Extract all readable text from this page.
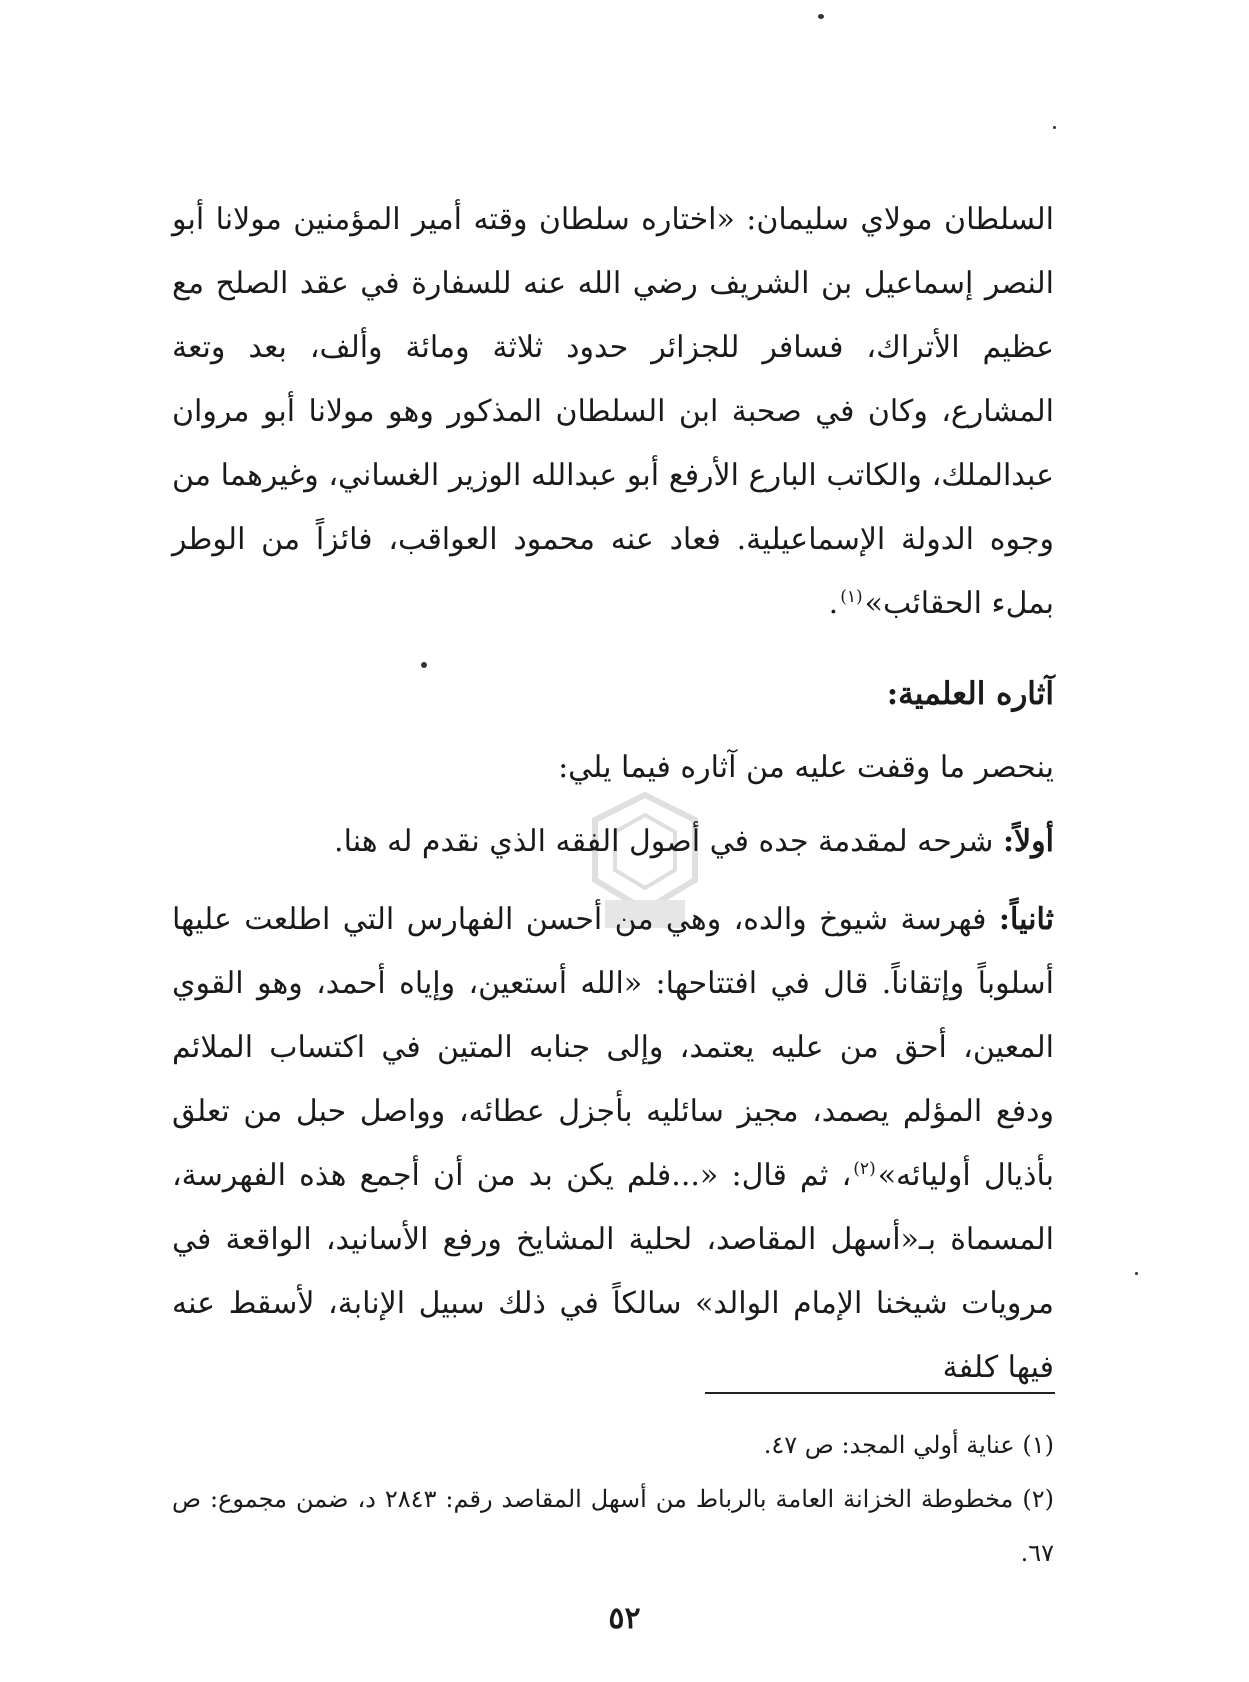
السلطان مولاي سليمان: «اختاره سلطان وقته أمير المؤمنين مولانا أبو النصر إسماعيل بن الشريف رضي الله عنه للسفارة في عقد الصلح مع عظيم الأتراك، فسافر للجزائر حدود ثلاثة ومائة وألف، بعد وتعة المشارع، وكان في صحبة ابن السلطان المذكور وهو مولانا أبو مروان عبدالملك، والكاتب البارع الأرفع أبو عبدالله الوزير الغساني، وغيرهما من وجوه الدولة الإسماعيلية. فعاد عنه محمود العواقب، فائزاً من الوطر بملء الحقائب»$^{(١)}$.

آثاره العلمية:

ينحصر ما وقفت عليه من آثاره فيما يلي:

أولاً: شرحه لمقدمة جده في أصول الفقه الذي نقدم له هنا.

ثانياً: فهرسة شيوخ والده، وهي من أحسن الفهارس التي اطلعت عليها أسلوباً وإتقاناً. قال في افتتاحها: «الله أستعين، وإياه أحمد، وهو القوي المعين، أحق من عليه يعتمد، وإلى جنابه المتين في اكتساب الملائم ودفع المؤلم يصمد، مجيز سائليه بأجزل عطائه، وواصل حبل من تعلق بأذيال أوليائه»$^{(٢)}$، ثم قال: «...فلم يكن بد من أن أجمع هذه الفهرسة، المسماة بـ«أسهل المقاصد، لحلية المشايخ ورفع الأسانيد، الواقعة في مرويات شيخنا الإمام الوالد» سالكاً في ذلك سبيل الإنابة، لأسقط عنه فيها كلفة

(١) عناية أولي المجد: ص ٤٧.

(٢) مخطوطة الخزانة العامة بالرباط من أسهل المقاصد رقم: ٢٨٤٣ د، ضمن مجموع: ص ٦٧.

٥٢
